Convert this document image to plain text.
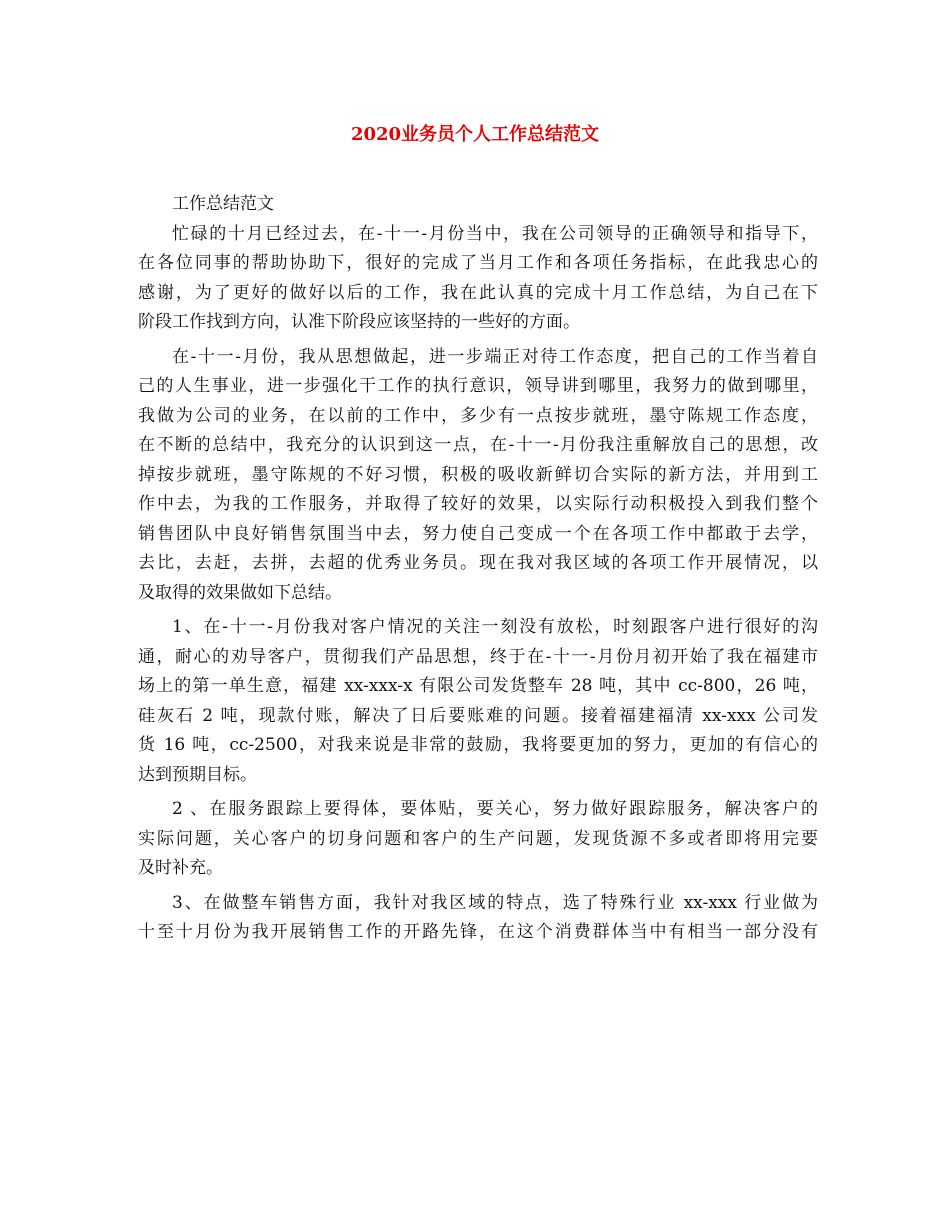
2020业务员个人工作总结范文
工作总结范文
忙碌的十月已经过去，在-十一-月份当中，我在公司领导的正确领导和指导下，
在各位同事的帮助协助下，很好的完成了当月工作和各项任务指标，在此我忠心的
感谢，为了更好的做好以后的工作，我在此认真的完成十月工作总结，为自己在下
阶段工作找到方向，认准下阶段应该坚持的一些好的方面。
在-十一-月份，我从思想做起，进一步端正对待工作态度，把自己的工作当着自
己的人生事业，进一步强化干工作的执行意识，领导讲到哪里，我努力的做到哪里，
我做为公司的业务，在以前的工作中，多少有一点按步就班，墨守陈规工作态度，
在不断的总结中，我充分的认识到这一点，在-十一-月份我注重解放自己的思想，改
掉按步就班，墨守陈规的不好习惯，积极的吸收新鲜切合实际的新方法，并用到工
作中去，为我的工作服务，并取得了较好的效果，以实际行动积极投入到我们整个
销售团队中良好销售氛围当中去，努力使自己变成一个在各项工作中都敢于去学，
去比，去赶，去拼，去超的优秀业务员。现在我对我区域的各项工作开展情况，以
及取得的效果做如下总结。
1、在-十一-月份我对客户情况的关注一刻没有放松，时刻跟客户进行很好的沟
通，耐心的劝导客户，贯彻我们产品思想，终于在-十一-月份月初开始了我在福建市
场上的第一单生意，福建 xx-xxx-x 有限公司发货整车 28 吨，其中 cc-800，26 吨，
硅灰石 2 吨，现款付账，解决了日后要账难的问题。接着福建福清 xx-xxx 公司发
货 16 吨，cc-2500，对我来说是非常的鼓励，我将要更加的努力，更加的有信心的
达到预期目标。
2 、在服务跟踪上要得体，要体贴，要关心，努力做好跟踪服务，解决客户的
实际问题，关心客户的切身问题和客户的生产问题，发现货源不多或者即将用完要
及时补充。
3、在做整车销售方面，我针对我区域的特点，选了特殊行业 xx-xxx 行业做为
十至十月份为我开展销售工作的开路先锋，在这个消费群体当中有相当一部分没有
